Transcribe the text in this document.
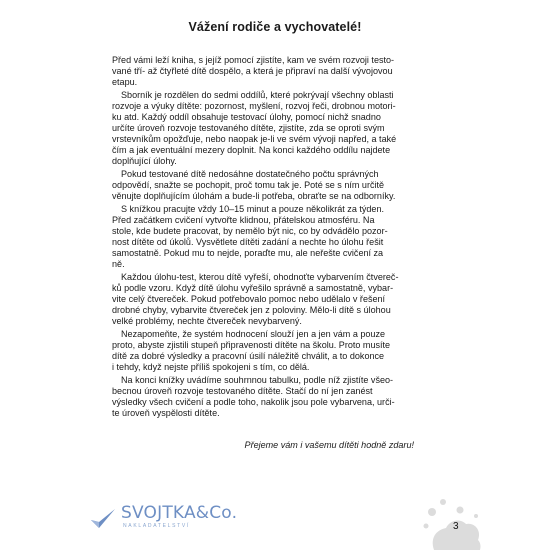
Vážení rodiče a vychovatelé!

Před vámi leží kniha, s jejíž pomocí zjistíte, kam ve svém rozvoji testo-
vané tří- až čtyřleté dítě dospělo, a která je připraví na další vývojovou
etapu.

Sborník je rozdělen do sedmi oddílů, které pokrývají všechny oblasti
rozvoje a výuky dítěte: pozornost, myšlení, rozvoj řeči, drobnou motori-
ku atd. Každý oddíl obsahuje testovací úlohy, pomocí nichž snadno
určíte úroveň rozvoje testovaného dítěte, zjistíte, zda se oproti svým
vrstevníkům opožďuje, nebo naopak je-li ve svém vývoji napřed, a také
čím a jak eventuální mezery doplnit. Na konci každého oddílu najdete
doplňující úlohy.

Pokud testované dítě nedosáhne dostatečného počtu správných
odpovědí, snažte se pochopit, proč tomu tak je. Poté se s ním určitě
věnujte doplňujícím úlohám a bude-li potřeba, obraťte se na odborníky.

S knížkou pracujte vždy 10–15 minut a pouze několikrát za týden.
Před začátkem cvičení vytvořte klidnou, přátelskou atmosféru. Na
stole, kde budete pracovat, by nemělo být nic, co by odvádělo pozor-
nost dítěte od úkolů. Vysvětlete dítěti zadání a nechte ho úlohu řešit
samostatně. Pokud mu to nejde, poraďte mu, ale neřešte cvičení za
ně.

Každou úlohu-test, kterou dítě vyřeší, ohodnoťte vybarvením čtvereč-
ků podle vzoru. Když dítě úlohu vyřešilo správně a samostatně, vybar-
vite celý čtvereček. Pokud potřebovalo pomoc nebo udělalo v řešení
drobné chyby, vybarvite čtvereček jen z poloviny. Mělo-li dítě s úlohou
velké problémy, nechte čtvereček nevybarvený.

Nezapomeňte, že systém hodnocení slouží jen a jen vám a pouze
proto, abyste zjistili stupeň připravenosti dítěte na školu. Proto musíte
dítě za dobré výsledky a pracovní úsilí náležitě chválit, a to dokonce
i tehdy, když nejste příliš spokojeni s tím, co dělá.

Na konci knížky uvádíme souhrnnou tabulku, podle níž zjistíte všeo-
becnou úroveň rozvoje testovaného dítěte. Stačí do ní jen zanést
výsledky všech cvičení a podle toho, nakolik jsou pole vybarvena, urči-
te úroveň vyspělosti dítěte.

Přejeme vám i vašemu dítěti hodně zdaru!
SVOJTKA&Co.
NAKLADATELSTVÍ	3
